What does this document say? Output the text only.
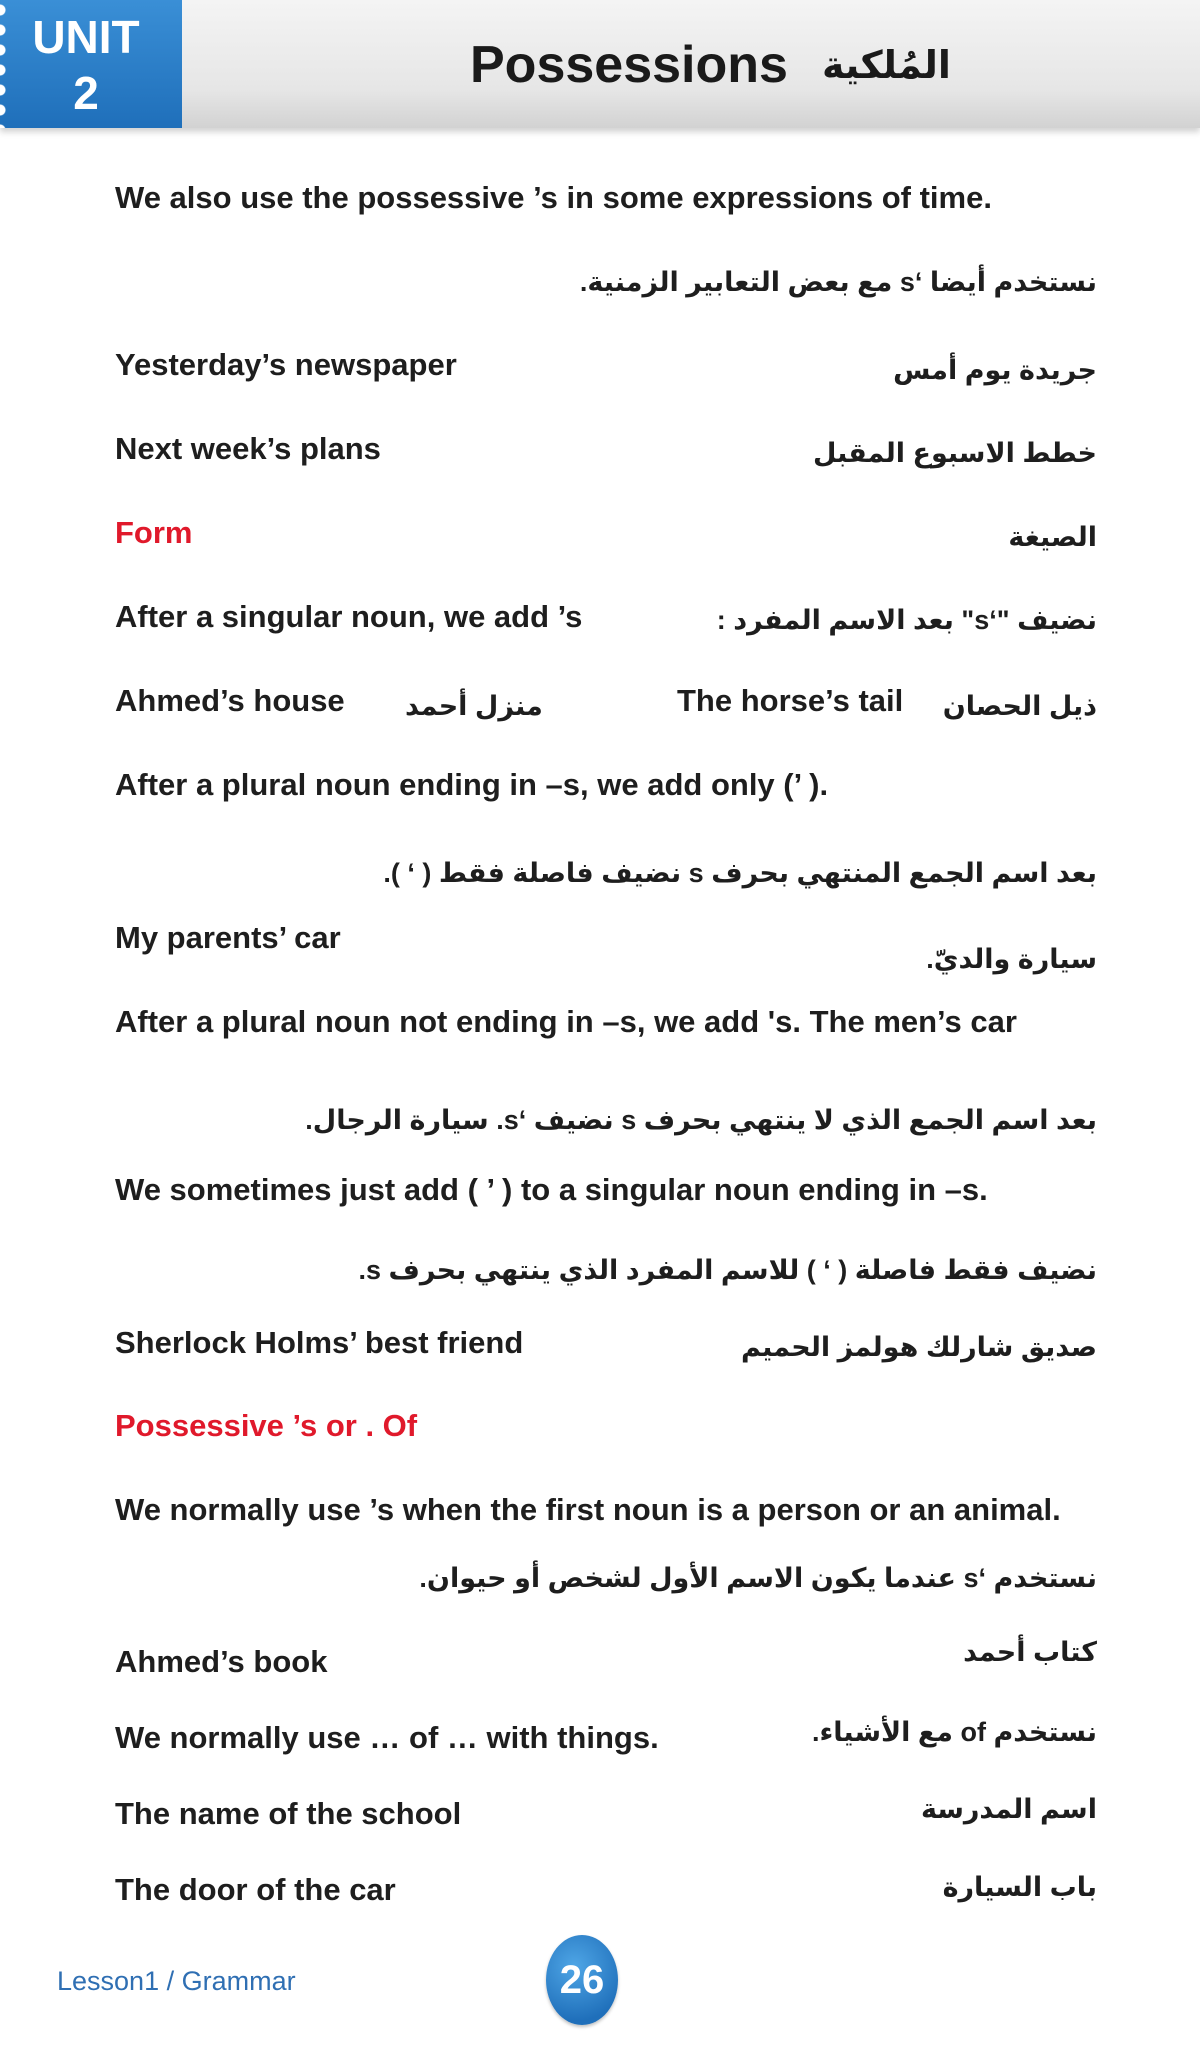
UNIT
2	Possessions المُلكية
We also use the possessive ’s in some expressions of time.
نستخدم أيضا ‘s مع بعض التعابير الزمنية.
Yesterday’s newspaper	جريدة يوم أمس
Next week’s plans	خطط الاسبوع المقبل
Form	الصيغة
After a singular noun, we add ’s	نضيف "‘s" بعد الاسم المفرد :
Ahmed’s house منزل أحمد	The horse’s tail ذيل الحصان
After a plural noun ending in –s, we add only (’ ).
بعد اسم الجمع المنتهي بحرف s نضيف فاصلة فقط ( ‘ ).
My parents’ car
سيارة والديّ.
After a plural noun not ending in –s, we add 's. The men’s car
بعد اسم الجمع الذي لا ينتهي بحرف s نضيف ‘s. سيارة الرجال.
We sometimes just add ( ’ ) to a singular noun ending in –s.
نضيف فقط فاصلة ( ‘ ) للاسم المفرد الذي ينتهي بحرف s.
Sherlock Holms’ best friend	صديق شارلك هولمز الحميم
Possessive ’s or . Of
We normally use ’s when the first noun is a person or an animal.
نستخدم ‘s عندما يكون الاسم الأول لشخص أو حيوان.
Ahmed’s book	كتاب أحمد
We normally use … of … with things.	نستخدم of مع الأشياء.
The name of the school	اسم المدرسة
The door of the car	باب السيارة
Lesson1 / Grammar	26
